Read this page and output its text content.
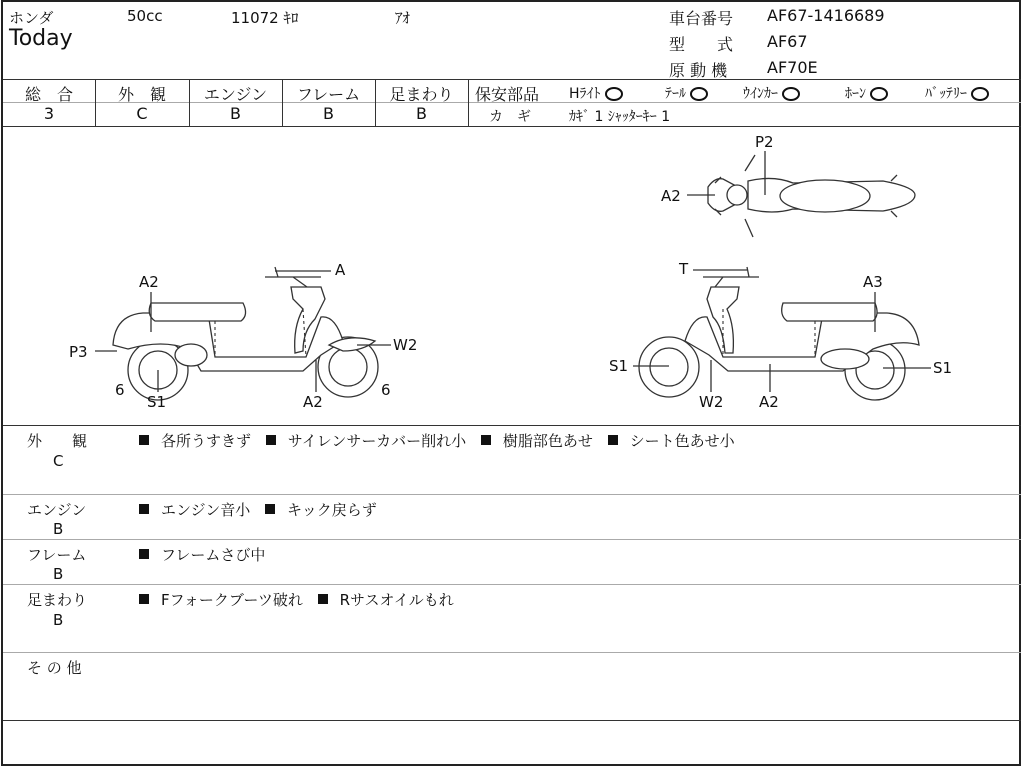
ホンダ	50cc	11072 ｷﾛ	ｱｵ
Today
車台番号 AF67-1416689
型　　式 AF67
原 動 機 AF70E
総　合
3
外　観
C
エンジン
B
フレーム
B
足まわり
B
保安部品 Hﾗｲﾄ	ﾃｰﾙ	ｳｲﾝｶｰ	ﾎｰﾝ	ﾊﾞｯﾃﾘｰ
カ　ギ	ｶｷﾞ 1 ｼｬｯﾀｰｷｰ 1
A2
A
P3	W2
6
S1	A2
6
P2
A2
T
A3
S1	S1
W2 A2
外　　観
C
各所うすきず サイレンサーカバー削れ小 樹脂部色あせ シート色あせ小
エンジン
B
エンジン音小 キック戻らず
フレーム
B
フレームさび中
足まわり
B
Fフォークブーツ破れ Rサスオイルもれ
そ の 他
